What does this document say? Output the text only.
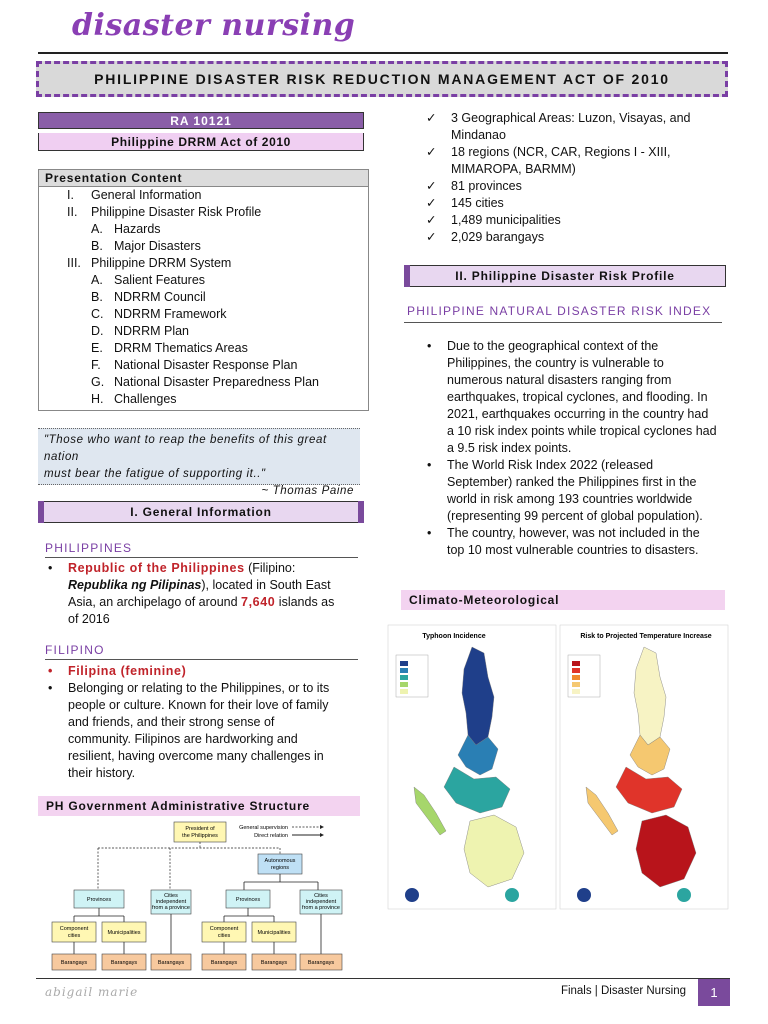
disaster nursing
PHILIPPINE DISASTER RISK REDUCTION MANAGEMENT ACT OF 2010
RA 10121
Philippine DRRM Act of 2010
Presentation Content
I. General Information
II. Philippine Disaster Risk Profile
A. Hazards
B. Major Disasters
III. Philippine DRRM System
A. Salient Features
B. NDRRM Council
C. NDRRM Framework
D. NDRRM Plan
E. DRRM Thematics Areas
F. National Disaster Response Plan
G. National Disaster Preparedness Plan
H. Challenges
"Those who want to reap the benefits of this great nation
must bear the fatigue of supporting it.."
~ Thomas Paine
I. General Information
PHILIPPINES
• Republic of the Philippines (Filipino:
Republika ng Pilipinas), located in South East
Asia, an archipelago of around 7,640 islands as
of 2016
FILIPINO
• Filipina (feminine)
• Belonging or relating to the Philippines, or to its
people or culture. Known for their love of family
and friends, and their strong sense of
community. Filipinos are hardworking and
resilient, having overcome many challenges in
their history.
PH Government Administrative Structure
President of
the Philippines
General supervision
Direct relation
Autonomous
regions
Provinces
Cities
independent
from a province
Provinces
Cities
independent
from a province
Component
cities	Municipalities
Component
cities	Municipalities
Barangays	Barangays	Barangays	Barangays	Barangays	Barangays
✓ 3 Geographical Areas: Luzon, Visayas, and
Mindanao
✓ 18 regions (NCR, CAR, Regions I - XIII,
MIMAROPA, BARMM)
✓ 81 provinces
✓ 145 cities
✓ 1,489 municipalities
✓ 2,029 barangays
II. Philippine Disaster Risk Profile
PHILIPPINE NATURAL DISASTER RISK INDEX
• Due to the geographical context of the
Philippines, the country is vulnerable to
numerous natural disasters ranging from
earthquakes, tropical cyclones, and flooding. In
2021, earthquakes occurring in the country had
a 10 risk index points while tropical cyclones had
a 9.5 risk index points.
• The World Risk Index 2022 (released
September) ranked the Philippines first in the
world in risk among 193 countries worldwide
(representing 99 percent of global population).
• The country, however, was not included in the
top 10 most vulnerable countries to disasters.
Climato-Meteorological
Typhoon Incidence	Risk to Projected Temperature Increase
abigail marie	Finals | Disaster Nursing	1
